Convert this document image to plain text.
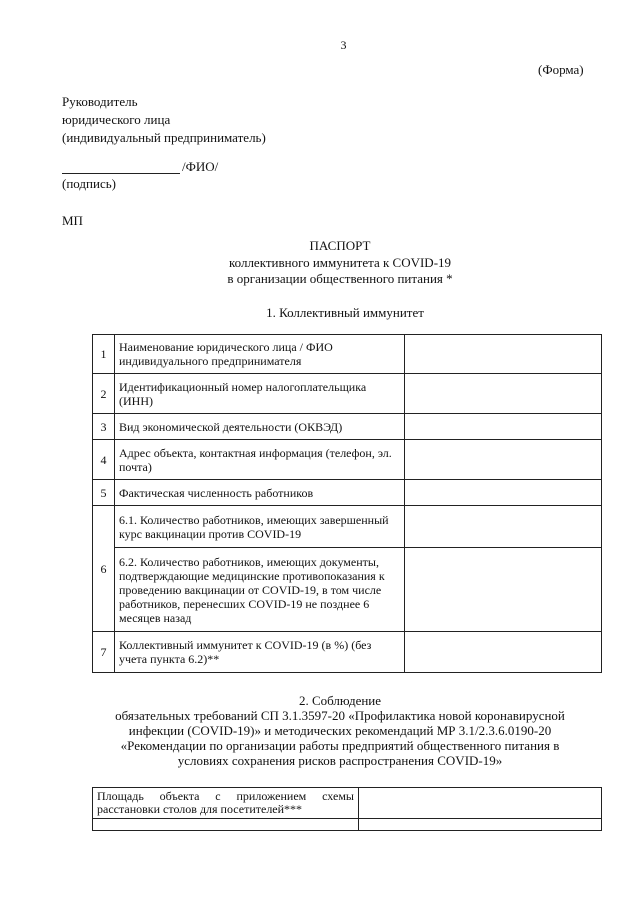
3
(Форма)
Руководитель
юридического лица
(индивидуальный предприниматель)
/ФИО/
(подпись)
МП
ПАСПОРТ
коллективного иммунитета к COVID-19
в организации общественного питания *
1. Коллективный иммунитет
1	Наименование юридического лица / ФИО индивидуального предпринимателя	
2	Идентификационный номер налогоплательщика (ИНН)	
3	Вид экономической деятельности (ОКВЭД)	
4	Адрес объекта, контактная информация (телефон, эл. почта)	
5	Фактическая численность работников	
6	6.1. Количество работников, имеющих завершенный курс вакцинации против COVID-19	
	6.2. Количество работников, имеющих документы, подтверждающие медицинские противопоказания к проведению вакцинации от COVID-19, в том числе работников, перенесших COVID-19 не позднее 6 месяцев назад	
7	Коллективный иммунитет к COVID-19 (в %) (без учета пункта 6.2)**	
2. Соблюдение
обязательных требований СП 3.1.3597-20 «Профилактика новой коронавирусной
инфекции (COVID-19)» и методических рекомендаций МР 3.1/2.3.6.0190-20
«Рекомендации по организации работы предприятий общественного питания в
условиях сохранения рисков распространения COVID-19»
Площадь объекта с приложением схемы
расстановки столов для посетителей***	
